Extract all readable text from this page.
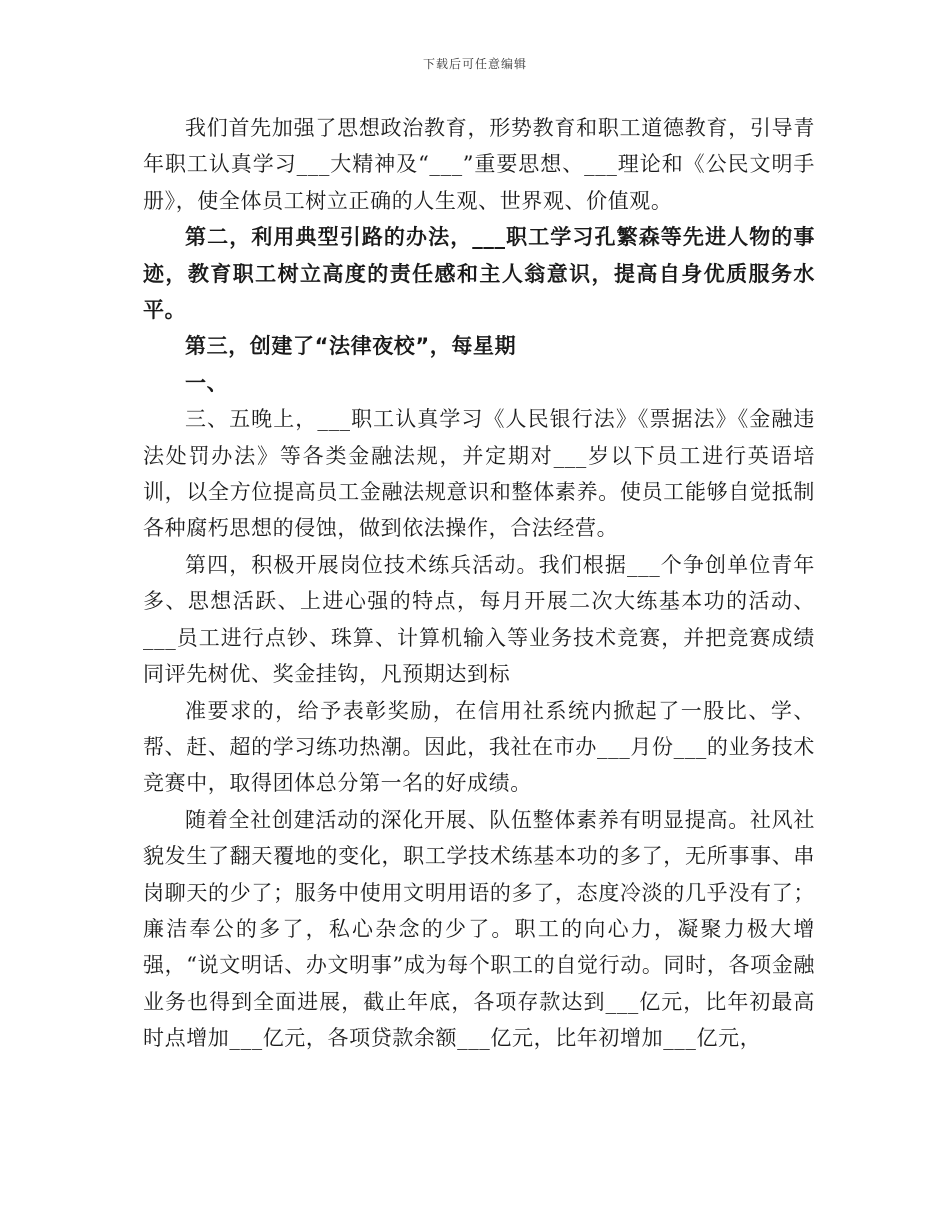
下载后可任意编辑

我们首先加强了思想政治教育，形势教育和职工道德教育，引导青年职工认真学习___大精神及“___”重要思想、___理论和《公民文明手册》，使全体员工树立正确的人生观、世界观、价值观。

第二，利用典型引路的办法，___职工学习孔繁森等先进人物的事迹，教育职工树立高度的责任感和主人翁意识，提高自身优质服务水平。

第三，创建了“法律夜校”，每星期

一、

三、五晚上，___职工认真学习《人民银行法》《票据法》《金融违法处罚办法》等各类金融法规，并定期对___岁以下员工进行英语培训，以全方位提高员工金融法规意识和整体素养。使员工能够自觉抵制各种腐朽思想的侵蚀，做到依法操作，合法经营。

第四，积极开展岗位技术练兵活动。我们根据___个争创单位青年多、思想活跃、上进心强的特点，每月开展二次大练基本功的活动、___员工进行点钞、珠算、计算机输入等业务技术竞赛，并把竞赛成绩同评先树优、奖金挂钩，凡预期达到标

准要求的，给予表彰奖励，在信用社系统内掀起了一股比、学、帮、赶、超的学习练功热潮。因此，我社在市办___月份___的业务技术竞赛中，取得团体总分第一名的好成绩。

随着全社创建活动的深化开展、队伍整体素养有明显提高。社风社貌发生了翻天覆地的变化，职工学技术练基本功的多了，无所事事、串岗聊天的少了；服务中使用文明用语的多了，态度冷淡的几乎没有了；廉洁奉公的多了，私心杂念的少了。职工的向心力，凝聚力极大增强，“说文明话、办文明事”成为每个职工的自觉行动。同时，各项金融业务也得到全面进展，截止年底，各项存款达到___亿元，比年初最高时点增加___亿元，各项贷款余额___亿元，比年初增加___亿元，
